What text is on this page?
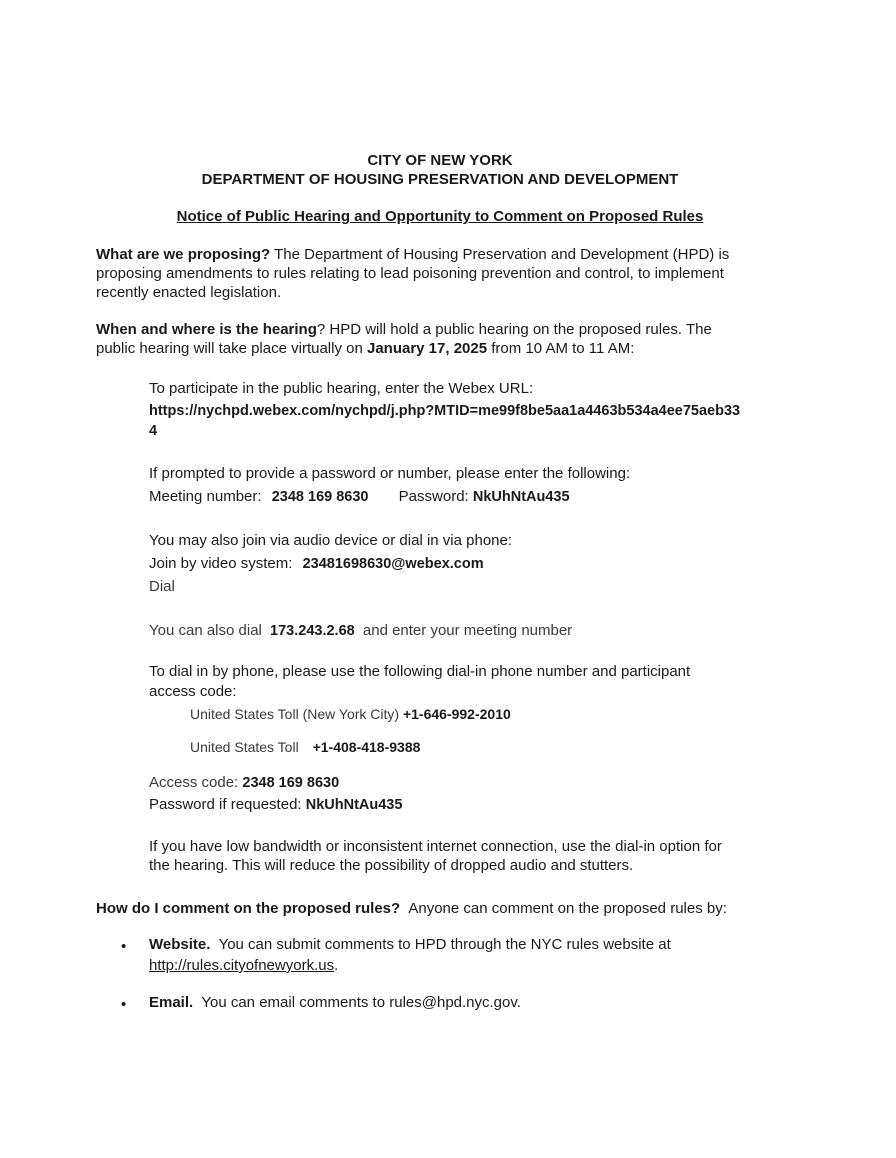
CITY OF NEW YORK
DEPARTMENT OF HOUSING PRESERVATION AND DEVELOPMENT
Notice of Public Hearing and Opportunity to Comment on Proposed Rules
What are we proposing? The Department of Housing Preservation and Development (HPD) is
proposing amendments to rules relating to lead poisoning prevention and control, to implement
recently enacted legislation.
When and where is the hearing? HPD will hold a public hearing on the proposed rules. The
public hearing will take place virtually on January 17, 2025 from 10 AM to 11 AM:
To participate in the public hearing, enter the Webex URL:
https://nychpd.webex.com/nychpd/j.php?MTID=me99f8be5aa1a4463b534a4ee75aeb33
4
If prompted to provide a password or number, please enter the following:
Meeting number: 2348 169 8630 Password: NkUhNtAu435
You may also join via audio device or dial in via phone:
Join by video system: 23481698630@webex.com
Dial
You can also dial 173.243.2.68 and enter your meeting number
To dial in by phone, please use the following dial-in phone number and participant
access code:
United States Toll (New York City) +1-646-992-2010
United States Toll +1-408-418-9388
Access code: 2348 169 8630
Password if requested: NkUhNtAu435
If you have low bandwidth or inconsistent internet connection, use the dial-in option for
the hearing. This will reduce the possibility of dropped audio and stutters.
How do I comment on the proposed rules? Anyone can comment on the proposed rules by:
• Website. You can submit comments to HPD through the NYC rules website at
http://rules.cityofnewyork.us.
• Email. You can email comments to rules@hpd.nyc.gov.
